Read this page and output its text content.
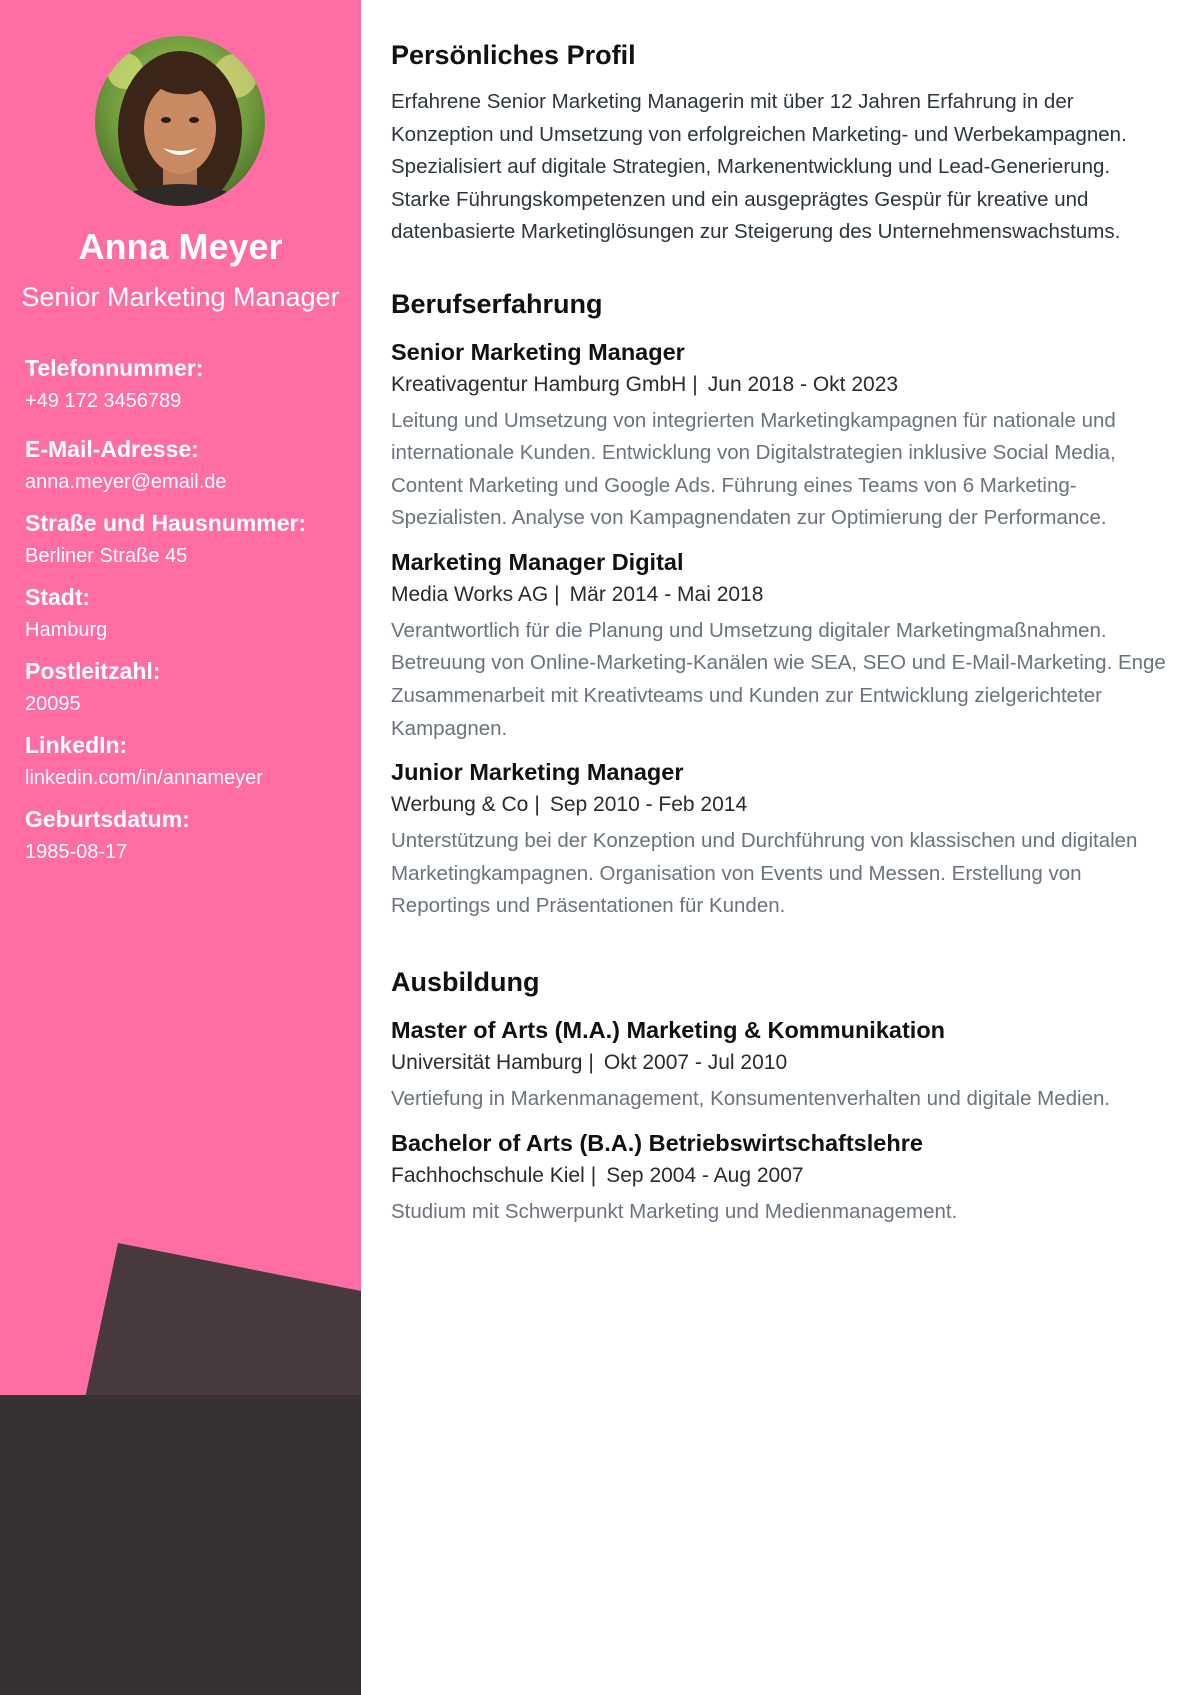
Anna Meyer
Senior Marketing Manager
Telefonnummer:
+49 172 3456789
E-Mail-Adresse:
anna.meyer@email.de
Straße und Hausnummer:
Berliner Straße 45
Stadt:
Hamburg
Postleitzahl:
20095
LinkedIn:
linkedin.com/in/annameyer
Geburtsdatum:
1985-08-17
Persönliches Profil
Erfahrene Senior Marketing Managerin mit über 12 Jahren Erfahrung in der Konzeption und Umsetzung von erfolgreichen Marketing- und Werbekampagnen. Spezialisiert auf digitale Strategien, Markenentwicklung und Lead-Generierung. Starke Führungskompetenzen und ein ausgeprägtes Gespür für kreative und datenbasierte Marketinglösungen zur Steigerung des Unternehmenswachstums.
Berufserfahrung
Senior Marketing Manager
Kreativagentur Hamburg GmbH | Jun 2018 - Okt 2023
Leitung und Umsetzung von integrierten Marketingkampagnen für nationale und internationale Kunden. Entwicklung von Digitalstrategien inklusive Social Media, Content Marketing und Google Ads. Führung eines Teams von 6 Marketing-Spezialisten. Analyse von Kampagnendaten zur Optimierung der Performance.
Marketing Manager Digital
Media Works AG | Mär 2014 - Mai 2018
Verantwortlich für die Planung und Umsetzung digitaler Marketingmaßnahmen. Betreuung von Online-Marketing-Kanälen wie SEA, SEO und E-Mail-Marketing. Enge Zusammenarbeit mit Kreativteams und Kunden zur Entwicklung zielgerichteter Kampagnen.
Junior Marketing Manager
Werbung & Co | Sep 2010 - Feb 2014
Unterstützung bei der Konzeption und Durchführung von klassischen und digitalen Marketingkampagnen. Organisation von Events und Messen. Erstellung von Reportings und Präsentationen für Kunden.
Ausbildung
Master of Arts (M.A.) Marketing & Kommunikation
Universität Hamburg | Okt 2007 - Jul 2010
Vertiefung in Markenmanagement, Konsumentenverhalten und digitale Medien.
Bachelor of Arts (B.A.) Betriebswirtschaftslehre
Fachhochschule Kiel | Sep 2004 - Aug 2007
Studium mit Schwerpunkt Marketing und Medienmanagement.
